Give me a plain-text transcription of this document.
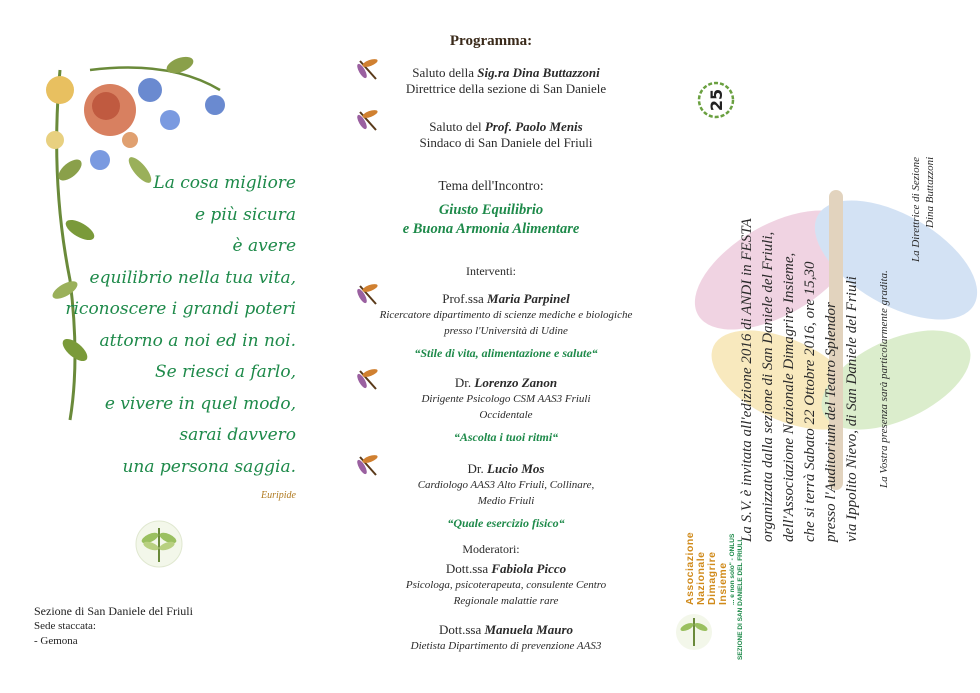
La cosa migliore
e più sicura
è avere
equilibrio nella tua vita,
riconoscere i grandi poteri
attorno a noi ed in noi.
Se riesci a farlo,
e vivere in quel modo,
sarai davvero
una persona saggia.
Euripide
Sezione di San Daniele del Friuli
Sede staccata:
- Gemona
Programma:
Saluto della Sig.ra Dina Buttazzoni
Direttrice della sezione di San Daniele
Saluto del Prof. Paolo Menis
Sindaco di San Daniele del Friuli
Tema dell'Incontro:
Giusto Equilibrio
e Buona Armonia Alimentare
Interventi:
Prof.ssa Maria Parpinel
Ricercatore dipartimento di scienze mediche e biologiche presso l'Università di Udine
“Stile di vita, alimentazione e salute“
Dr. Lorenzo Zanon
Dirigente Psicologo CSM AAS3 Friuli Occidentale
“Ascolta i tuoi ritmi“
Dr. Lucio Mos
Cardiologo AAS3 Alto Friuli, Collinare, Medio Friuli
“Quale esercizio fisico“
Moderatori:
Dott.ssa Fabiola Picco
Psicologa, psicoterapeuta, consulente Centro Regionale malattie rare
Dott.ssa Manuela Mauro
Dietista Dipartimento di prevenzione AAS3
25
La S.V. è invitata all'edizione 2016 di ANDI in FESTA organizzata dalla sezione di San Daniele del Friuli, dell'Associazione Nazionale Dimagrire Insieme, che si terrà Sabato 22 Ottobre 2016, ore 15,30 presso l'Auditorium del Teatro Splendor via Ippolito Nievo, di San Daniele del Friuli La Vostra presenza sarà particolarmente gradita.
La Direttrice di Sezione Dina Buttazzoni
Associazione Nazionale Dimagrire Insieme ... e non solo" - ONLUS SEZIONE DI SAN DANIELE DEL FRIULI
